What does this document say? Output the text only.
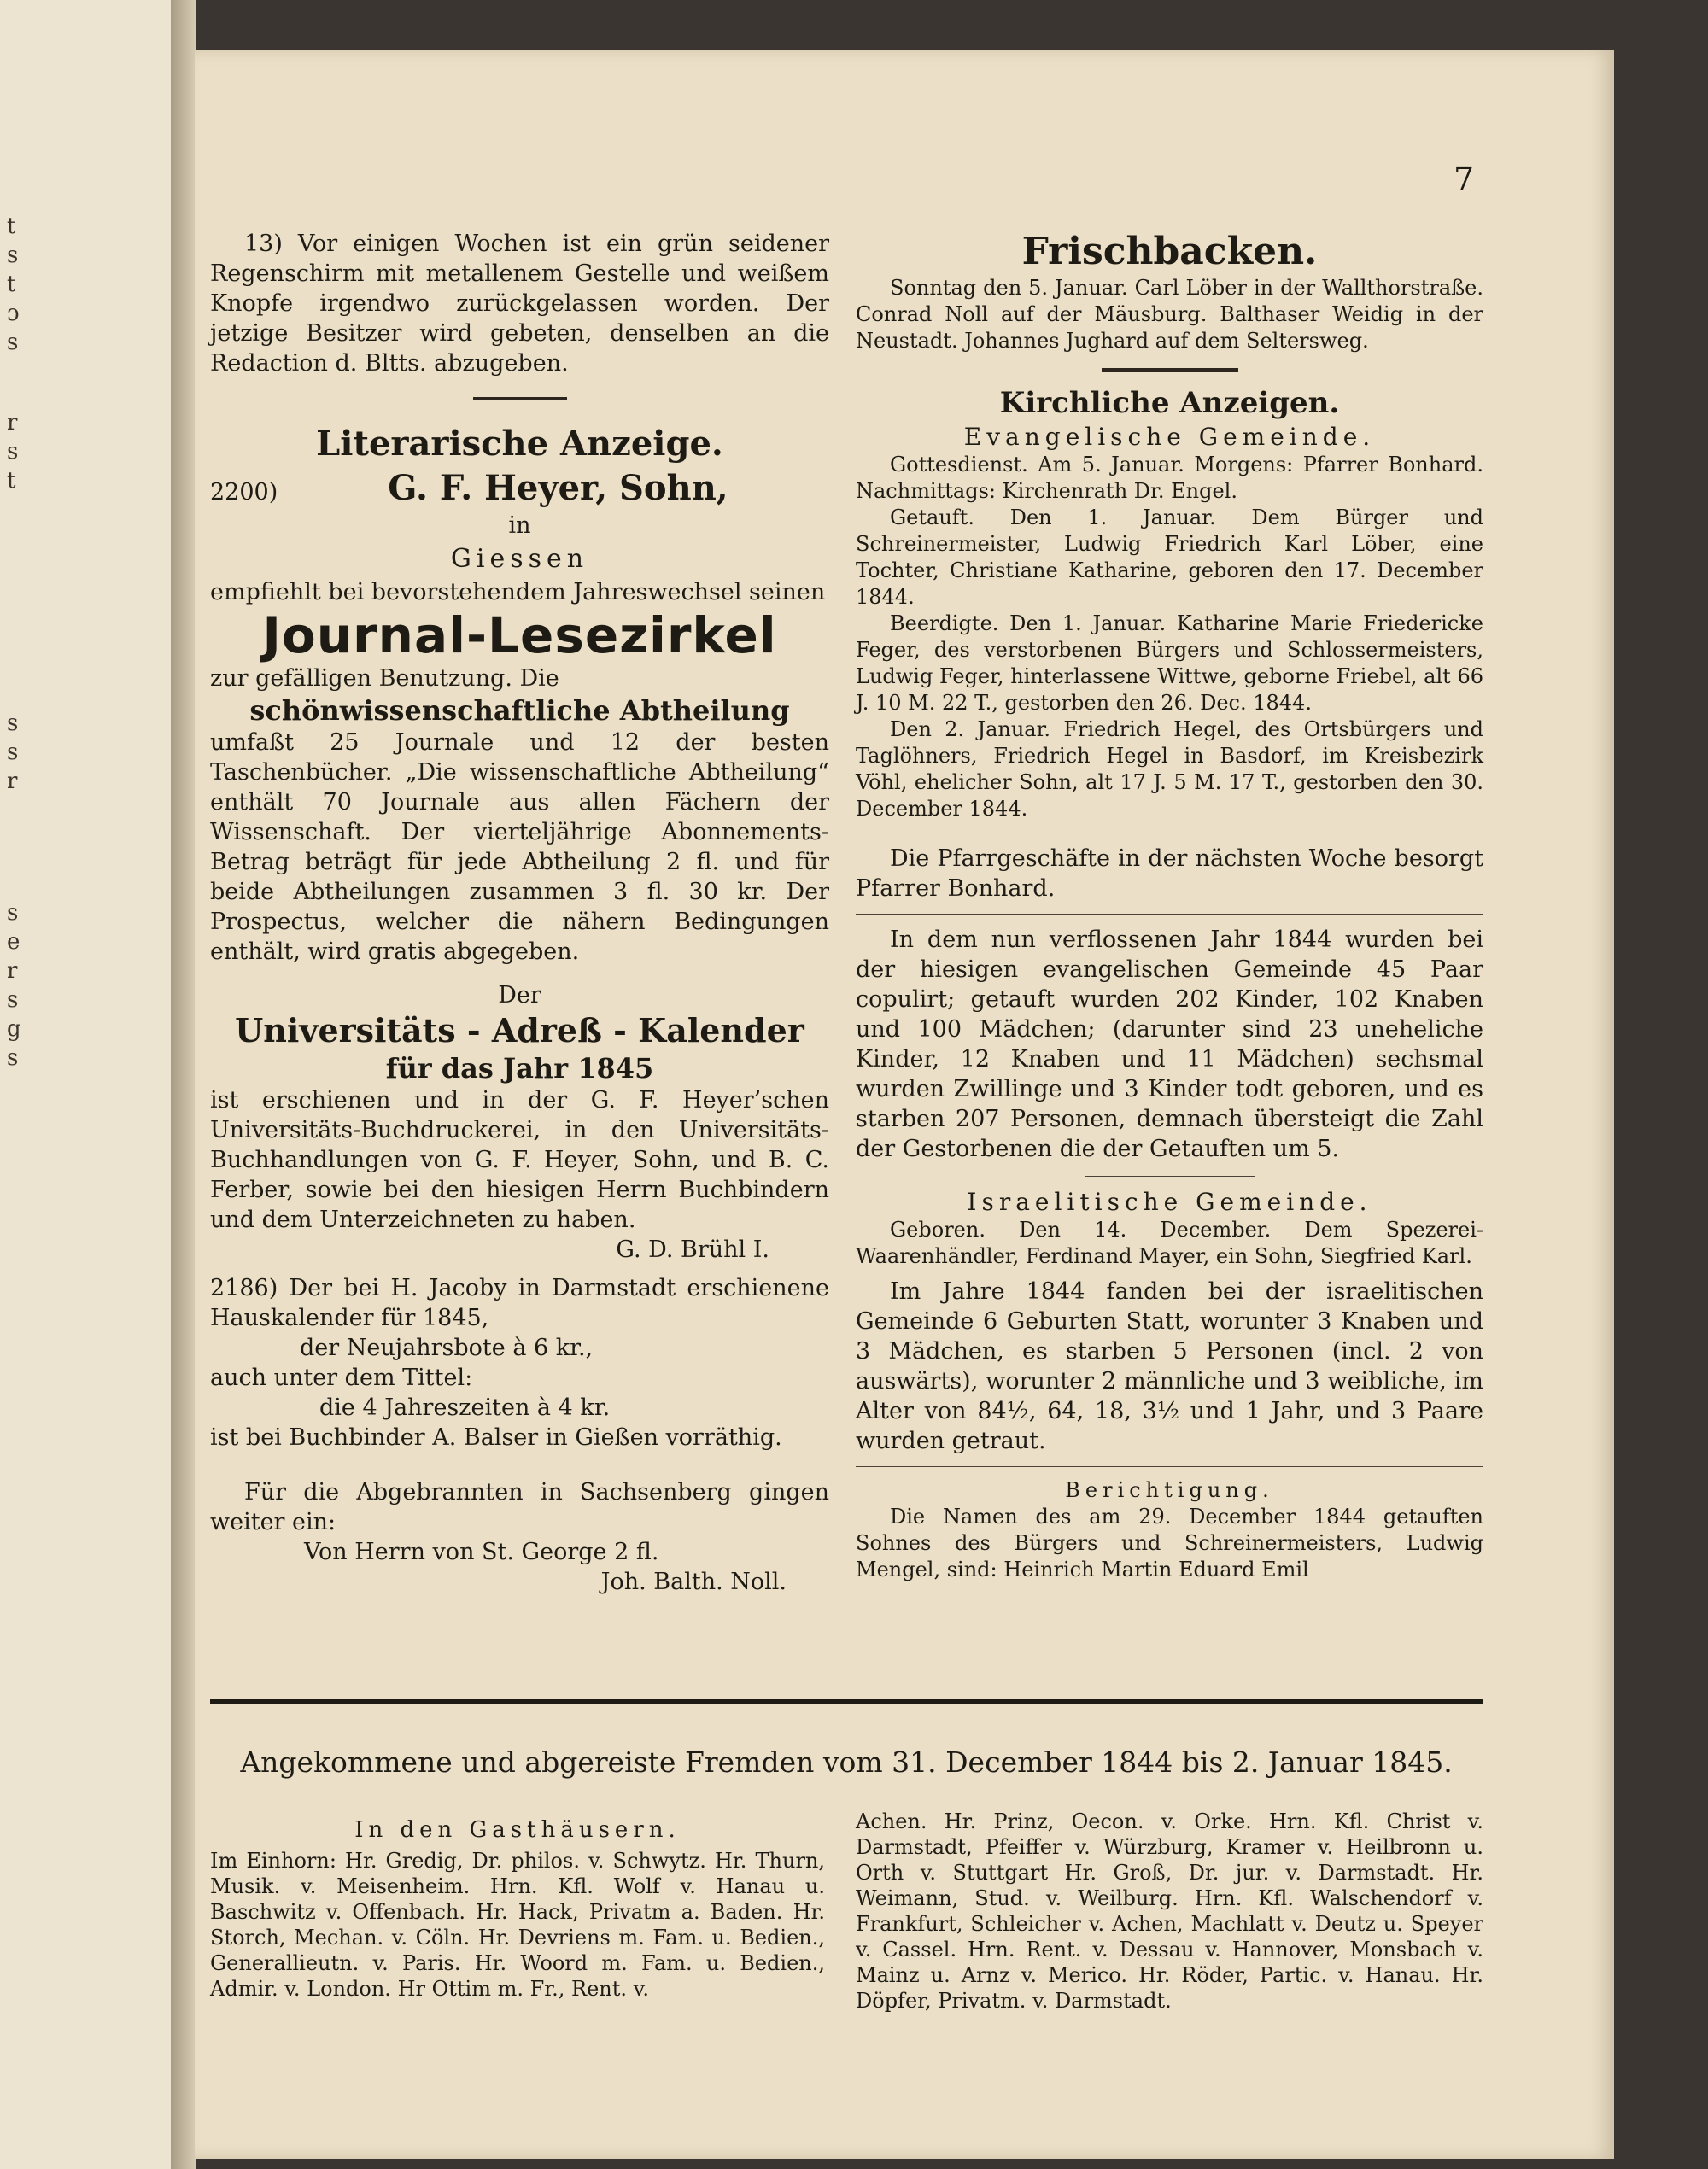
t
s
t
ɔ
s
r
s
t
s
s
r
s
e
r
s
g
s
7

13) Vor einigen Wochen ist ein grün seidener Regenschirm mit metallenem Gestelle und weißem Knopfe irgendwo zurückgelassen worden. Der jetzige Besitzer wird gebeten, denselben an die Redaction d. Bltts. abzugeben.

Literarische Anzeige.
2200)	G. F. Heyer, Sohn,
in
Giessen

empfiehlt bei bevorstehendem Jahreswechsel seinen

Journal-Lesezirkel

zur gefälligen Benutzung. Die

schönwissenschaftliche Abtheilung

umfaßt 25 Journale und 12 der besten Taschenbücher. „Die wissenschaftliche Abtheilung“ enthält 70 Journale aus allen Fächern der Wissenschaft. Der vierteljährige Abonnements-Betrag beträgt für jede Abtheilung 2 fl. und für beide Abtheilungen zusammen 3 fl. 30 kr. Der Prospectus, welcher die nähern Bedingungen enthält, wird gratis abgegeben.

Der
Universitäts - Adreß - Kalender
für das Jahr 1845

ist erschienen und in der G. F. Heyer’schen Universitäts-Buchdruckerei, in den Universitäts-Buchhandlungen von G. F. Heyer, Sohn, und B. C. Ferber, sowie bei den hiesigen Herrn Buchbindern und dem Unterzeichneten zu haben.

G. D. Brühl I.

2186) Der bei H. Jacoby in Darmstadt erschienene Hauskalender für 1845,

der Neujahrsbote à 6 kr.,
auch unter dem Tittel:
die 4 Jahreszeiten à 4 kr.
ist bei Buchbinder A. Balser in Gießen vorräthig.

Für die Abgebrannten in Sachsenberg gingen weiter ein:

Von Herrn von St. George 2 fl.
Joh. Balth. Noll.
Frischbacken.

Sonntag den 5. Januar. Carl Löber in der Wallthorstraße. Conrad Noll auf der Mäusburg. Balthaser Weidig in der Neustadt. Johannes Jughard auf dem Seltersweg.

Kirchliche Anzeigen.
Evangelische Gemeinde.

Gottesdienst. Am 5. Januar. Morgens: Pfarrer Bonhard. Nachmittags: Kirchenrath Dr. Engel.

Getauft. Den 1. Januar. Dem Bürger und Schreinermeister, Ludwig Friedrich Karl Löber, eine Tochter, Christiane Katharine, geboren den 17. December 1844.

Beerdigte. Den 1. Januar. Katharine Marie Friedericke Feger, des verstorbenen Bürgers und Schlossermeisters, Ludwig Feger, hinterlassene Wittwe, geborne Friebel, alt 66 J. 10 M. 22 T., gestorben den 26. Dec. 1844.

Den 2. Januar. Friedrich Hegel, des Ortsbürgers und Taglöhners, Friedrich Hegel in Basdorf, im Kreisbezirk Vöhl, ehelicher Sohn, alt 17 J. 5 M. 17 T., gestorben den 30. December 1844.

Die Pfarrgeschäfte in der nächsten Woche besorgt Pfarrer Bonhard.

In dem nun verflossenen Jahr 1844 wurden bei der hiesigen evangelischen Gemeinde 45 Paar copulirt; getauft wurden 202 Kinder, 102 Knaben und 100 Mädchen; (darunter sind 23 uneheliche Kinder, 12 Knaben und 11 Mädchen) sechsmal wurden Zwillinge und 3 Kinder todt geboren, und es starben 207 Personen, demnach übersteigt die Zahl der Gestorbenen die der Getauften um 5.

Israelitische Gemeinde.

Geboren. Den 14. December. Dem Spezerei-Waarenhändler, Ferdinand Mayer, ein Sohn, Siegfried Karl.

Im Jahre 1844 fanden bei der israelitischen Gemeinde 6 Geburten Statt, worunter 3 Knaben und 3 Mädchen, es starben 5 Personen (incl. 2 von auswärts), worunter 2 männliche und 3 weibliche, im Alter von 84½, 64, 18, 3½ und 1 Jahr, und 3 Paare wurden getraut.

Berichtigung.

Die Namen des am 29. December 1844 getauften Sohnes des Bürgers und Schreinermeisters, Ludwig Mengel, sind: Heinrich Martin Eduard Emil

Angekommene und abgereiste Fremden vom 31. December 1844 bis 2. Januar 1845.
In den Gasthäusern.

Im Einhorn: Hr. Gredig, Dr. philos. v. Schwytz. Hr. Thurn, Musik. v. Meisenheim. Hrn. Kfl. Wolf v. Hanau u. Baschwitz v. Offenbach. Hr. Hack, Privatm a. Baden. Hr. Storch, Mechan. v. Cöln. Hr. Devriens m. Fam. u. Bedien., Generallieutn. v. Paris. Hr. Woord m. Fam. u. Bedien., Admir. v. London. Hr Ottim m. Fr., Rent. v.

Achen. Hr. Prinz, Oecon. v. Orke. Hrn. Kfl. Christ v. Darmstadt, Pfeiffer v. Würzburg, Kramer v. Heilbronn u. Orth v. Stuttgart Hr. Groß, Dr. jur. v. Darmstadt. Hr. Weimann, Stud. v. Weilburg. Hrn. Kfl. Walschendorf v. Frankfurt, Schleicher v. Achen, Machlatt v. Deutz u. Speyer v. Cassel. Hrn. Rent. v. Dessau v. Hannover, Monsbach v. Mainz u. Arnz v. Merico. Hr. Röder, Partic. v. Hanau. Hr. Döpfer, Privatm. v. Darmstadt.
